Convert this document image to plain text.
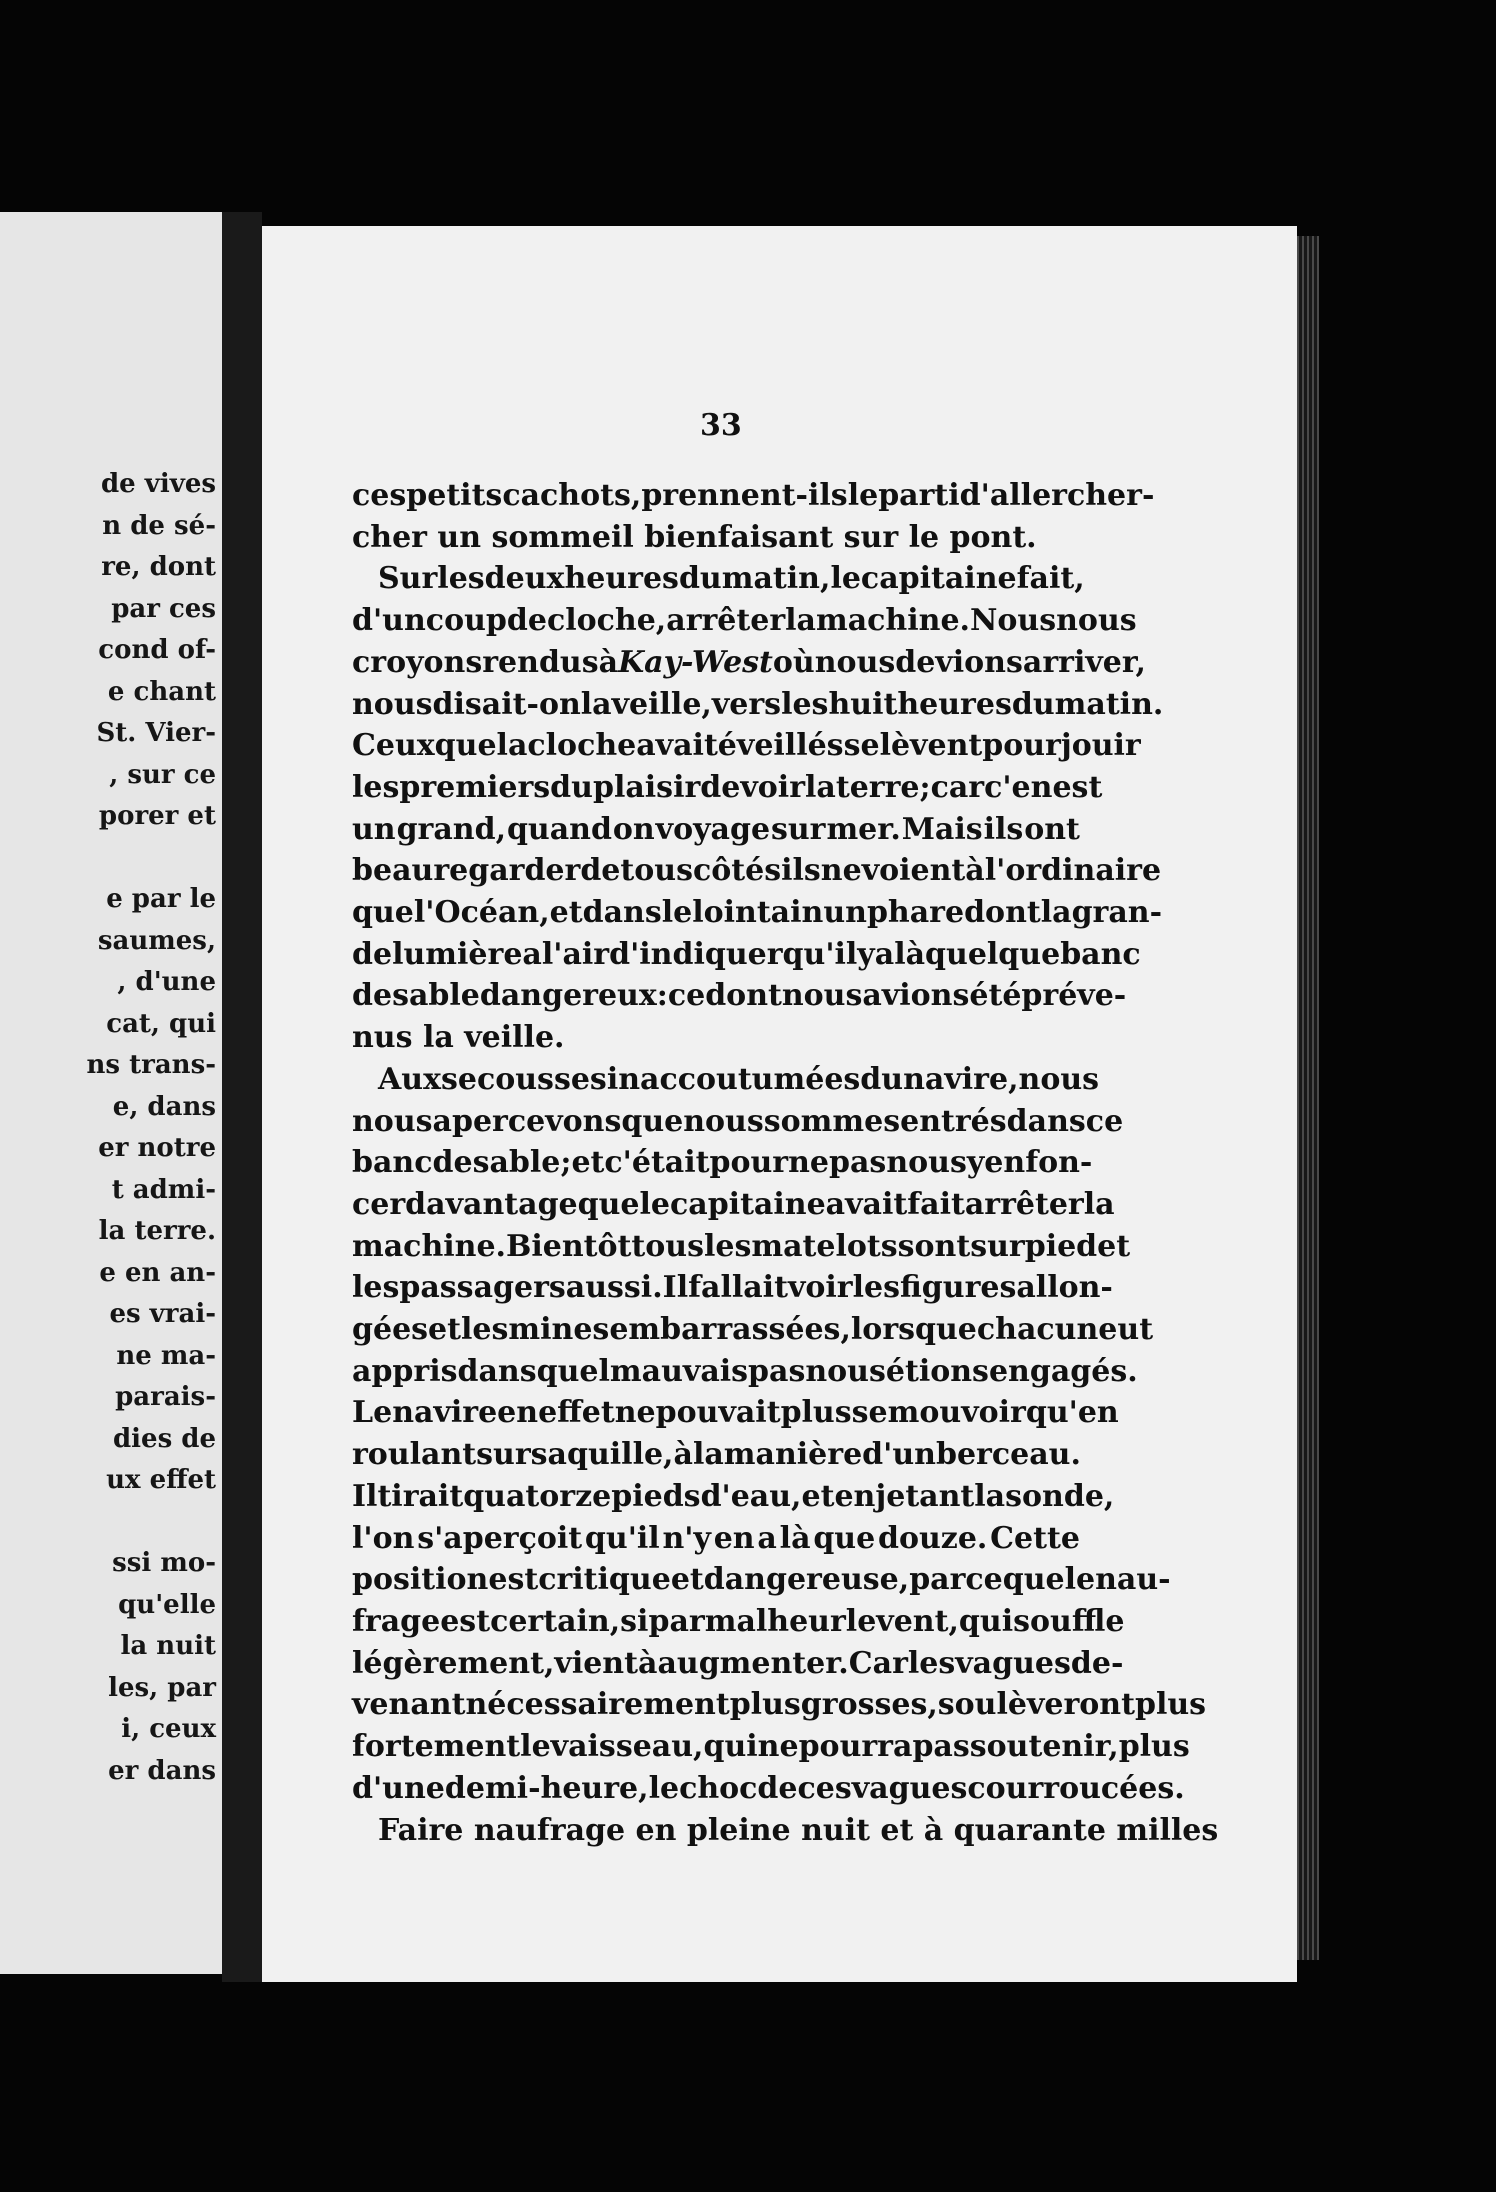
de vives
n de sé-
re, dont
par ces
cond of-
e chant
St. Vier-
, sur ce
porer et

e par le
saumes,
, d'une
cat, qui
ns trans-
e, dans
er notre
t admi-
la terre.
e en an-
es vrai-
ne ma-
parais-
dies de
ux effet

ssi mo-
qu'elle
la nuit
les, par
i, ceux
er dans
33
ces petits cachots, prennent-ils le parti d'aller cher-
cher un sommeil bienfaisant sur le pont.
Sur les deux heures du matin, le capitaine fait,
d'un coup de cloche, arrêter la machine. Nous nous
croyons rendus à Kay-West où nous devions arriver,
nous disait-on la veille, vers les huit heures du matin.
Ceux que la cloche avait éveillés se lèvent pour jouir
les premiers du plaisir de voir la terre ; car c'en est
un grand, quand on voyage sur mer. Mais ils ont
beau regarder de tous côtés ils ne voient à l'ordinaire
que l'Océan, et dans le lointain un phare dont la gran-
de lumière a l'air d'indiquer qu'il y a là quelque banc
de sable dangereux : ce dont nous avions été préve-
nus la veille.
Aux secousses inaccoutumées du navire, nous
nous apercevons que nous sommes entrés dans ce
banc de sable ; et c'était pour ne pas nous y enfon-
cer davantage que le capitaine avait fait arrêter la
machine. Bientôt tous les matelots sont sur pied et
les passagers aussi. Il fallait voir les figures allon-
gées et les mines embarrassées, lorsque chacun eut
appris dans quel mauvais pas nous étions engagés.
Le navire en effet ne pouvait plus se mouvoir qu'en
roulant sur sa quille, à la manière d'un berceau.
Il tirait quatorze pieds d'eau, et en jetant la sonde,
l'on s'aperçoit qu'il n'y en a là que douze. Cette
position est critique et dangereuse, parce que le nau-
frage est certain, si par malheur le vent, qui souffle
légèrement, vient à augmenter. Car les vagues de-
venant nécessairement plus grosses, soulèveront plus
fortement le vaisseau, qui ne pourra pas soutenir, plus
d'une demi-heure, le choc de ces vagues courroucées.
Faire naufrage en pleine nuit et à quarante milles
